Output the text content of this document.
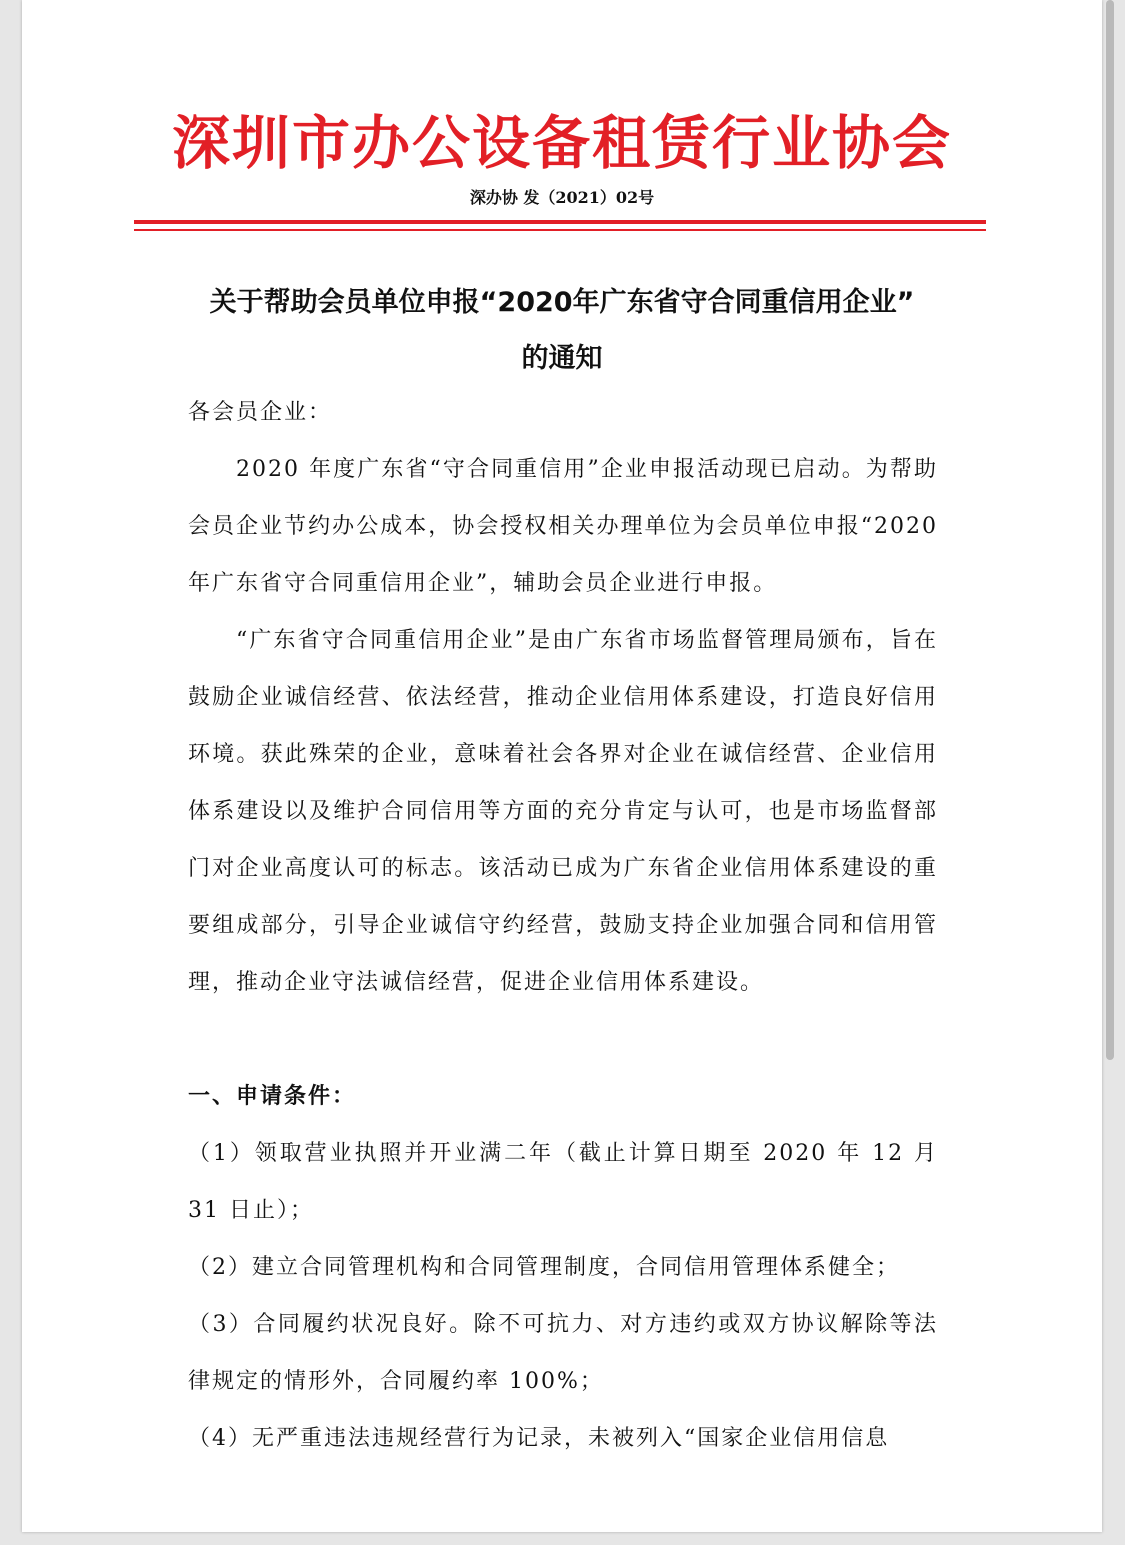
深圳市办公设备租赁行业协会
深办协 发（2021）02号
关于帮助会员单位申报“2020年广东省守合同重信用企业”
的通知

各会员企业：

2020 年度广东省“守合同重信用”企业申报活动现已启动。为帮助会员企业节约办公成本，协会授权相关办理单位为会员单位申报“2020 年广东省守合同重信用企业”，辅助会员企业进行申报。

“广东省守合同重信用企业”是由广东省市场监督管理局颁布，旨在鼓励企业诚信经营、依法经营，推动企业信用体系建设，打造良好信用环境。获此殊荣的企业，意味着社会各界对企业在诚信经营、企业信用体系建设以及维护合同信用等方面的充分肯定与认可，也是市场监督部门对企业高度认可的标志。该活动已成为广东省企业信用体系建设的重要组成部分，引导企业诚信守约经营，鼓励支持企业加强合同和信用管理，推动企业守法诚信经营，促进企业信用体系建设。

一、申请条件：

（1）领取营业执照并开业满二年（截止计算日期至 2020 年 12 月 31 日止）；

（2）建立合同管理机构和合同管理制度，合同信用管理体系健全；

（3）合同履约状况良好。除不可抗力、对方违约或双方协议解除等法律规定的情形外，合同履约率 100%；

（4）无严重违法违规经营行为记录，未被列入“国家企业信用信息
